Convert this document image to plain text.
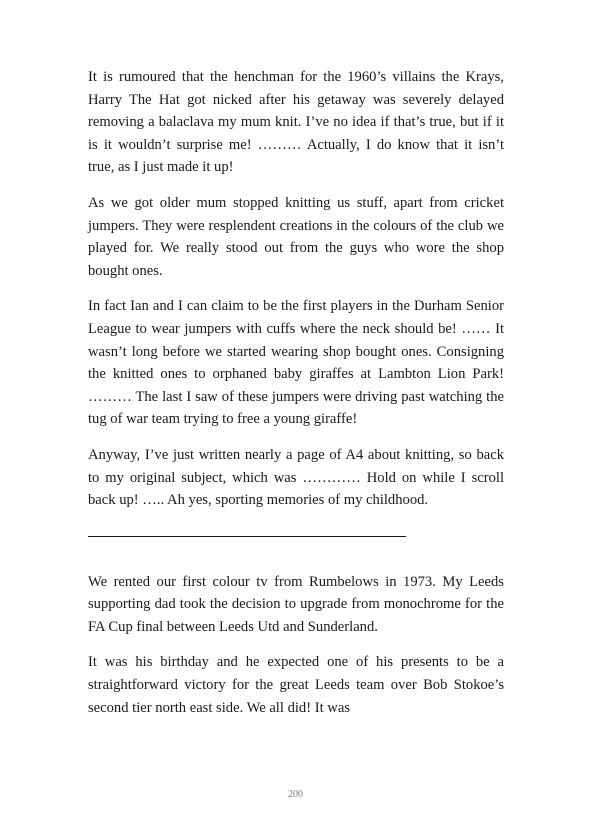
It is rumoured that the henchman for the 1960’s villains the Krays, Harry The Hat got nicked after his getaway was severely delayed removing a balaclava my mum knit. I’ve no idea if that’s true, but if it is it wouldn’t surprise me! ……… Actually, I do know that it isn’t true, as I just made it up!

As we got older mum stopped knitting us stuff, apart from cricket jumpers. They were resplendent creations in the colours of the club we played for. We really stood out from the guys who wore the shop bought ones.

In fact Ian and I can claim to be the first players in the Durham Senior League to wear jumpers with cuffs where the neck should be! …… It wasn’t long before we started wearing shop bought ones. Consigning the knitted ones to orphaned baby giraffes at Lambton Lion Park! ……… The last I saw of these jumpers were driving past watching the tug of war team trying to free a young giraffe!

Anyway, I’ve just written nearly a page of A4 about knitting, so back to my original subject, which was ………… Hold on while I scroll back up! ….. Ah yes, sporting memories of my childhood.

We rented our first colour tv from Rumbelows in 1973. My Leeds supporting dad took the decision to upgrade from monochrome for the FA Cup final between Leeds Utd and Sunderland.

It was his birthday and he expected one of his presents to be a straightforward victory for the great Leeds team over Bob Stokoe’s second tier north east side. We all did! It was

200
